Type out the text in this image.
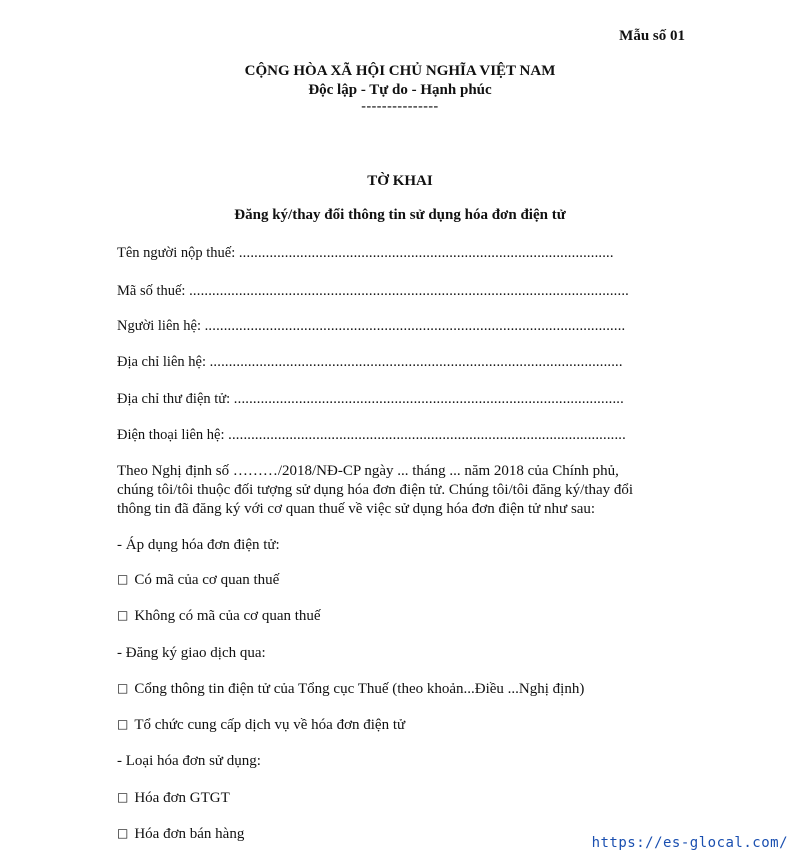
Mẫu số 01
CỘNG HÒA XÃ HỘI CHỦ NGHĨA VIỆT NAM
Độc lập - Tự do - Hạnh phúc
---------------
TỜ KHAI
Đăng ký/thay đổi thông tin sử dụng hóa đơn điện tử
Tên người nộp thuế: ..................................................................................................
Mã số thuế: ...................................................................................................................
Người liên hệ: ..............................................................................................................
Địa chỉ liên hệ: ............................................................................................................
Địa chỉ thư điện tử: ......................................................................................................
Điện thoại liên hệ: ........................................................................................................
Theo Nghị định số ………/2018/NĐ-CP ngày ... tháng ... năm 2018 của Chính phủ,
chúng tôi/tôi thuộc đối tượng sử dụng hóa đơn điện tử. Chúng tôi/tôi đăng ký/thay đổi
thông tin đã đăng ký với cơ quan thuế về việc sử dụng hóa đơn điện tử như sau:
- Áp dụng hóa đơn điện tử:
□ Có mã của cơ quan thuế
□ Không có mã của cơ quan thuế
- Đăng ký giao dịch qua:
□ Cổng thông tin điện tử của Tổng cục Thuế (theo khoản...Điều ...Nghị định)
□ Tổ chức cung cấp dịch vụ về hóa đơn điện tử
- Loại hóa đơn sử dụng:
□ Hóa đơn GTGT
□ Hóa đơn bán hàng
https://es-glocal.com/
